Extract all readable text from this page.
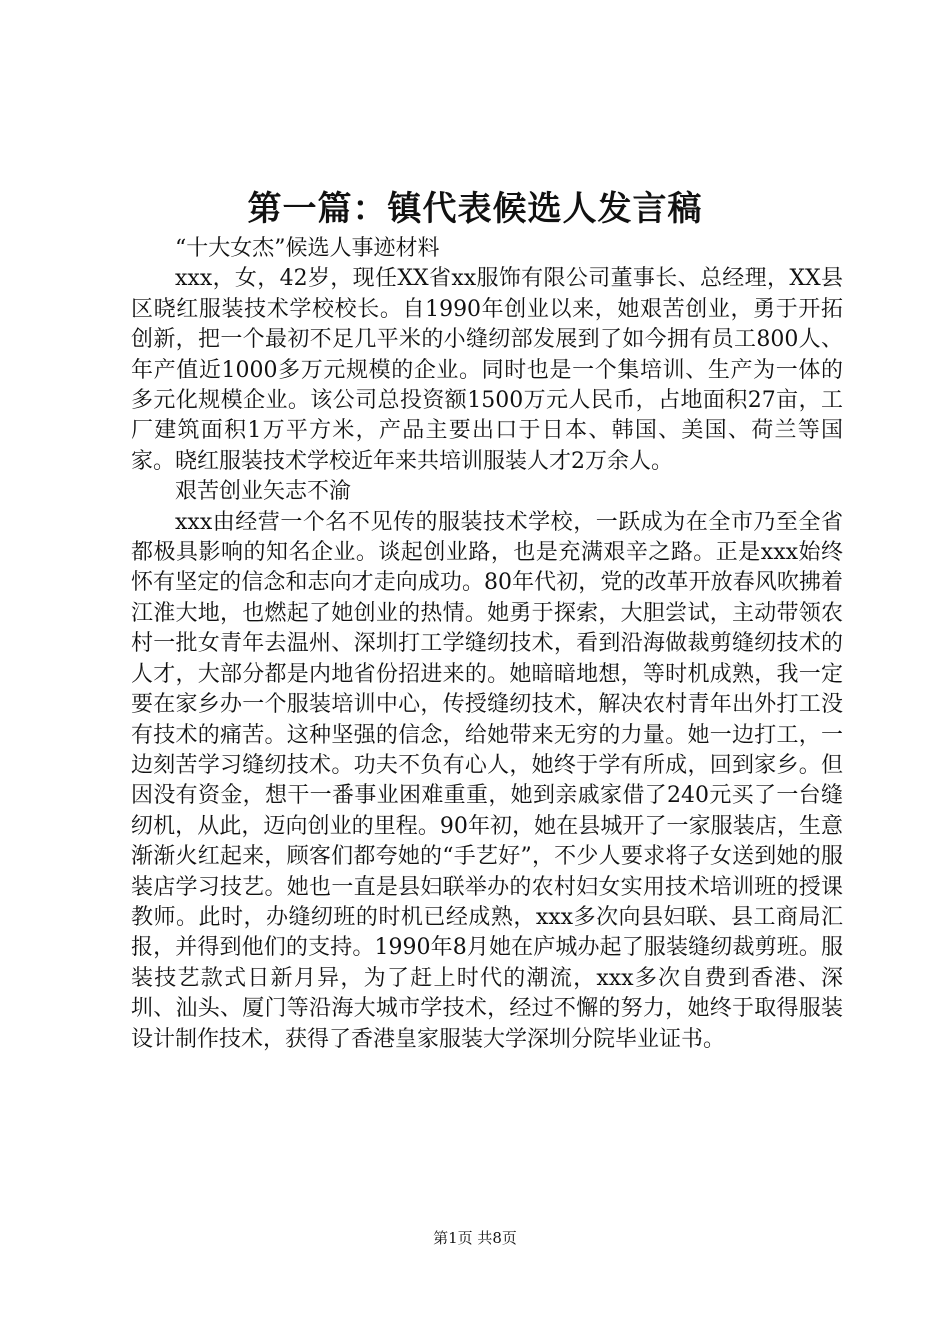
第一篇：镇代表候选人发言稿

“十大女杰”候选人事迹材料

xxx，女，42岁，现任XX省xx服饰有限公司董事长、总经理，XX县区晓红服装技术学校校长。自1990年创业以来，她艰苦创业，勇于开拓创新，把一个最初不足几平米的小缝纫部发展到了如今拥有员工800人、年产值近1000多万元规模的企业。同时也是一个集培训、生产为一体的多元化规模企业。该公司总投资额1500万元人民币，占地面积27亩，工厂建筑面积1万平方米，产品主要出口于日本、韩国、美国、荷兰等国家。晓红服装技术学校近年来共培训服装人才2万余人。

艰苦创业矢志不渝

xxx由经营一个名不见传的服装技术学校，一跃成为在全市乃至全省都极具影响的知名企业。谈起创业路，也是充满艰辛之路。正是xxx始终怀有坚定的信念和志向才走向成功。80年代初，党的改革开放春风吹拂着江淮大地，也燃起了她创业的热情。她勇于探索，大胆尝试，主动带领农村一批女青年去温州、深圳打工学缝纫技术，看到沿海做裁剪缝纫技术的人才，大部分都是内地省份招进来的。她暗暗地想，等时机成熟，我一定要在家乡办一个服装培训中心，传授缝纫技术，解决农村青年出外打工没有技术的痛苦。这种坚强的信念，给她带来无穷的力量。她一边打工，一边刻苦学习缝纫技术。功夫不负有心人，她终于学有所成，回到家乡。但因没有资金，想干一番事业困难重重，她到亲戚家借了240元买了一台缝纫机，从此，迈向创业的里程。90年初，她在县城开了一家服装店，生意渐渐火红起来，顾客们都夸她的“手艺好”，不少人要求将子女送到她的服装店学习技艺。她也一直是县妇联举办的农村妇女实用技术培训班的授课教师。此时，办缝纫班的时机已经成熟，xxx多次向县妇联、县工商局汇报，并得到他们的支持。1990年8月她在庐城办起了服装缝纫裁剪班。服装技艺款式日新月异，为了赶上时代的潮流，xxx多次自费到香港、深圳、汕头、厦门等沿海大城市学技术，经过不懈的努力，她终于取得服装设计制作技术，获得了香港皇家服装大学深圳分院毕业证书。

第1页 共8页
